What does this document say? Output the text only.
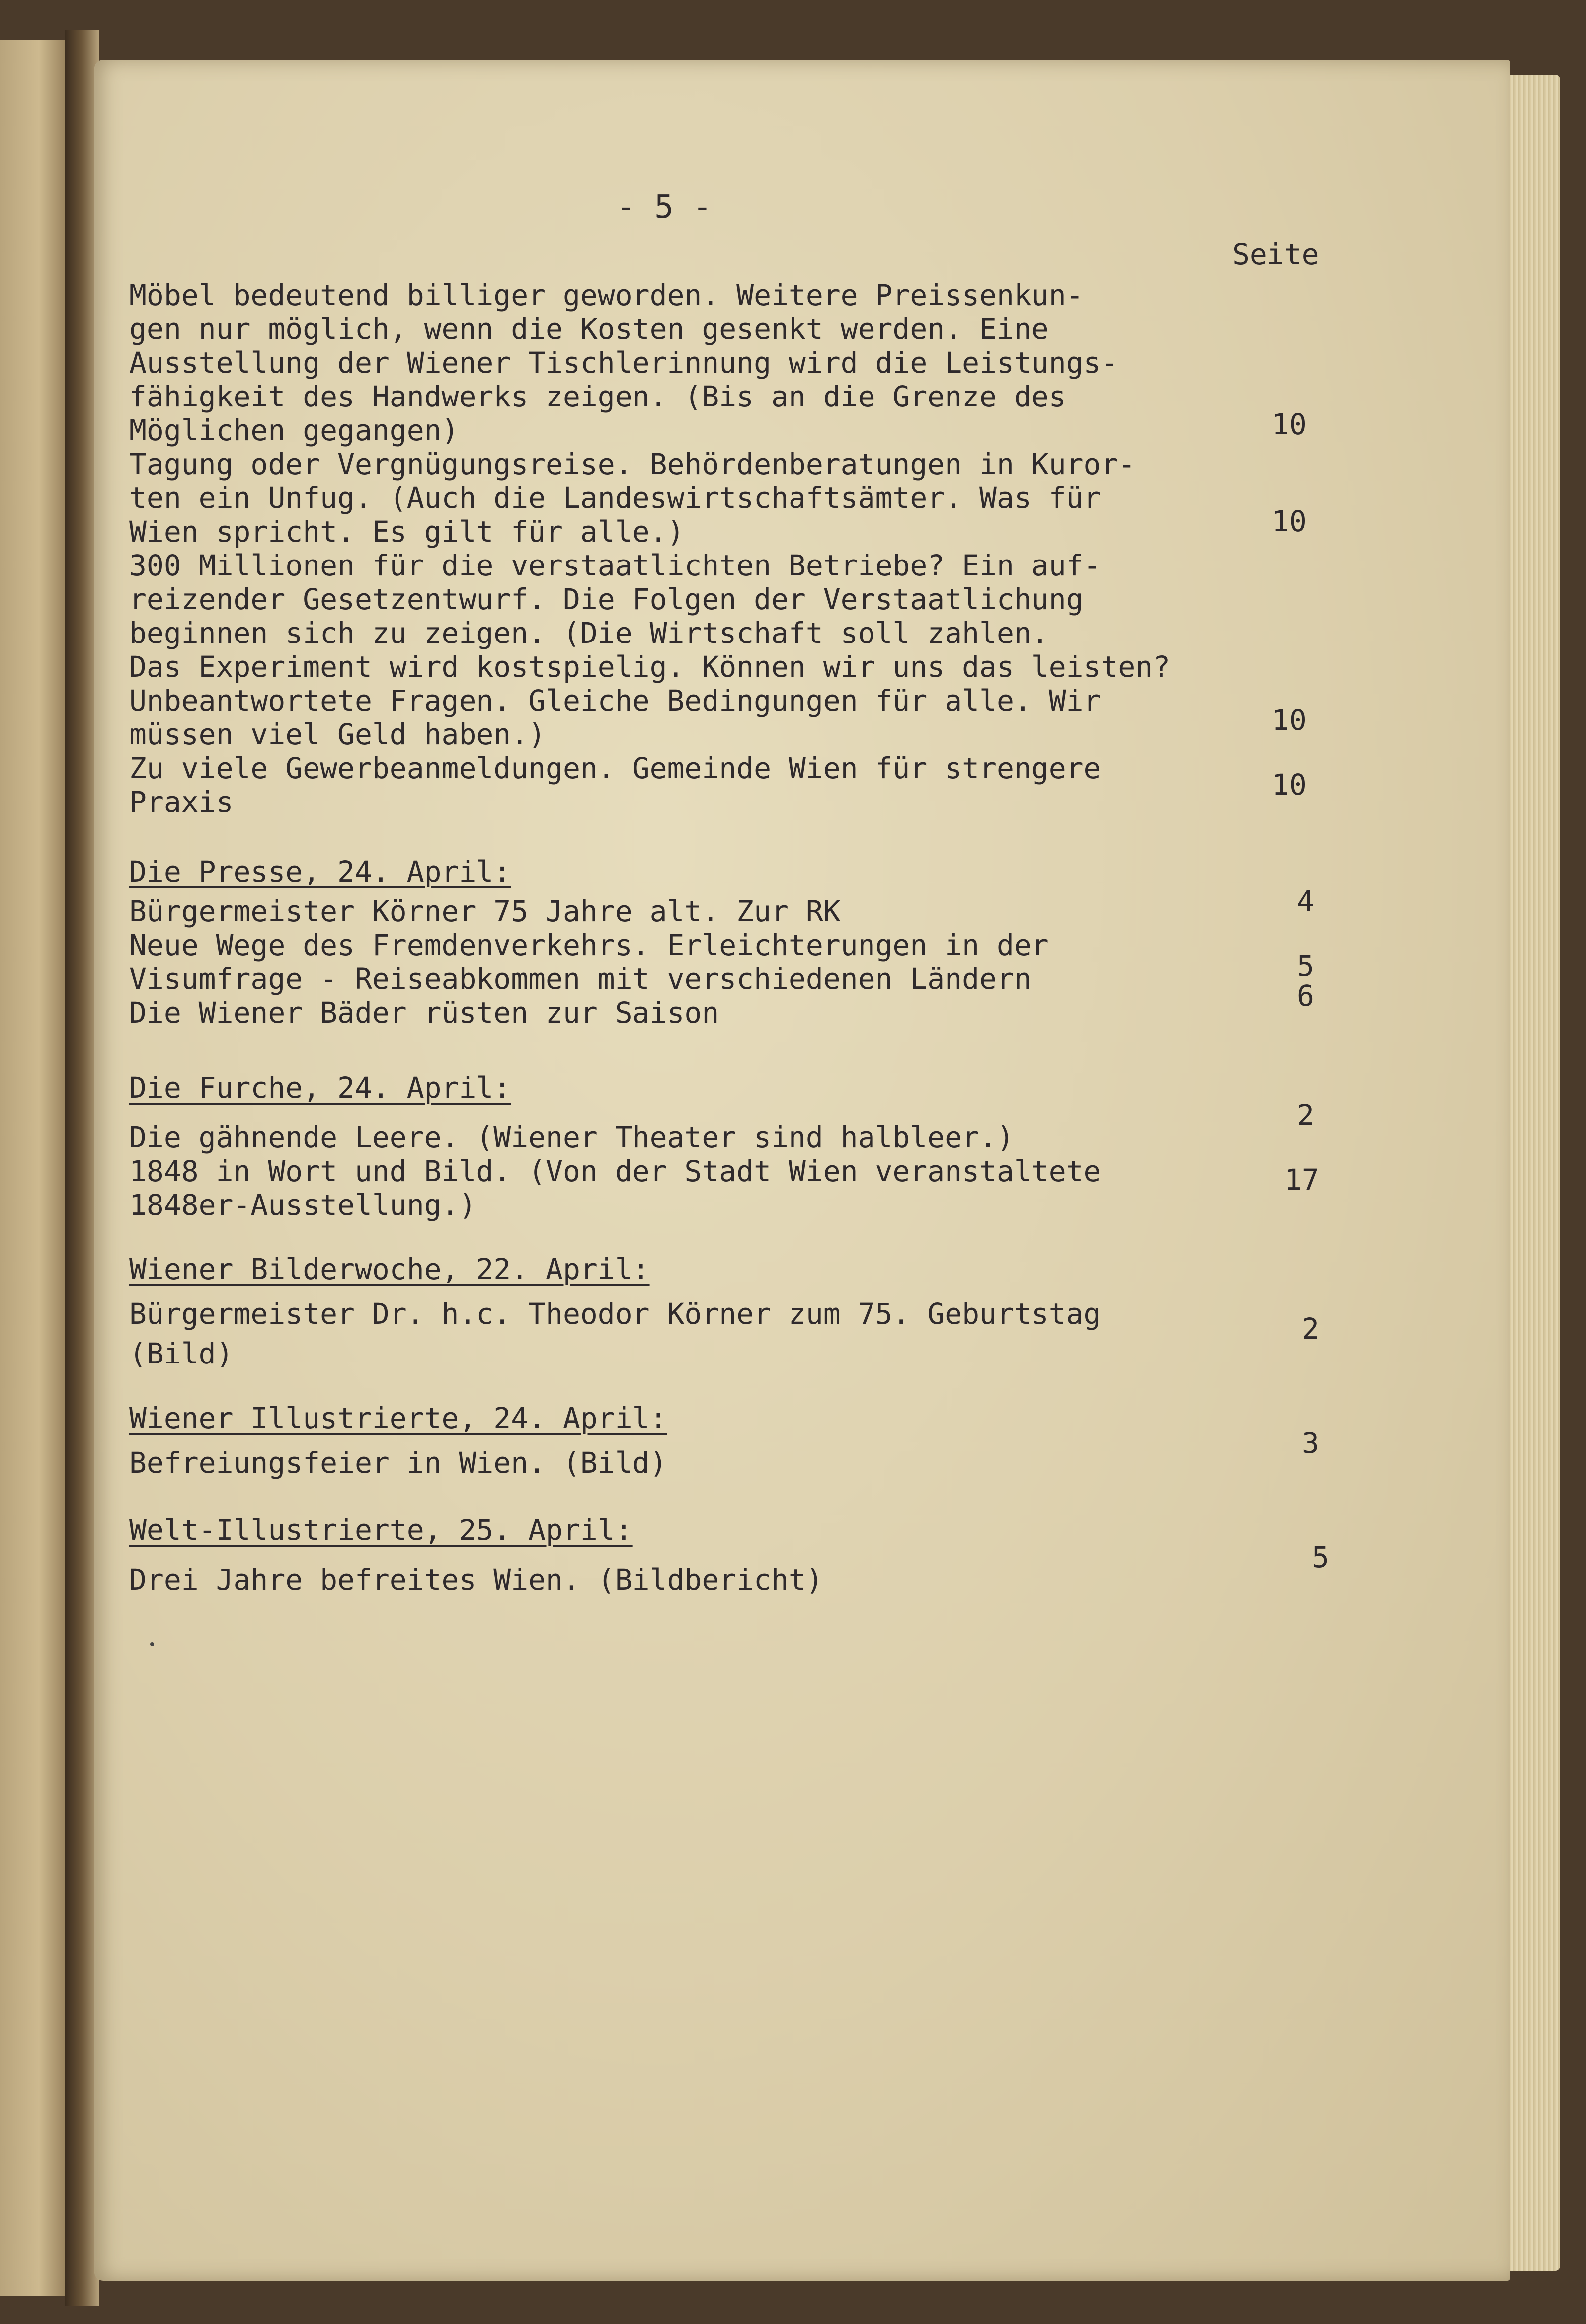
- 5 -
Seite
Möbel bedeutend billiger geworden. Weitere Preissenkun-
gen nur möglich, wenn die Kosten gesenkt werden. Eine
Ausstellung der Wiener Tischlerinnung wird die Leistungs-
fähigkeit des Handwerks zeigen. (Bis an die Grenze des
Möglichen gegangen)
Tagung oder Vergnügungsreise. Behördenberatungen in Kuror-
ten ein Unfug. (Auch die Landeswirtschaftsämter. Was für
Wien spricht. Es gilt für alle.)
300 Millionen für die verstaatlichten Betriebe? Ein auf-
reizender Gesetzentwurf. Die Folgen der Verstaatlichung
beginnen sich zu zeigen. (Die Wirtschaft soll zahlen.
Das Experiment wird kostspielig. Können wir uns das leisten?
Unbeantwortete Fragen. Gleiche Bedingungen für alle. Wir
müssen viel Geld haben.)
Zu viele Gewerbeanmeldungen. Gemeinde Wien für strengere
Praxis
10
10
10
10
Die Presse, 24. April:
Bürgermeister Körner 75 Jahre alt. Zur RK
Neue Wege des Fremdenverkehrs. Erleichterungen in der
Visumfrage - Reiseabkommen mit verschiedenen Ländern
Die Wiener Bäder rüsten zur Saison
4
5
6
Die Furche, 24. April:
Die gähnende Leere. (Wiener Theater sind halbleer.)
1848 in Wort und Bild. (Von der Stadt Wien veranstaltete
1848er-Ausstellung.)
2
17
Wiener Bilderwoche, 22. April:
Bürgermeister Dr. h.c. Theodor Körner zum 75. Geburtstag
(Bild)
2
Wiener Illustrierte, 24. April:
Befreiungsfeier in Wien. (Bild)
3
Welt-Illustrierte, 25. April:
Drei Jahre befreites Wien. (Bildbericht)
5
